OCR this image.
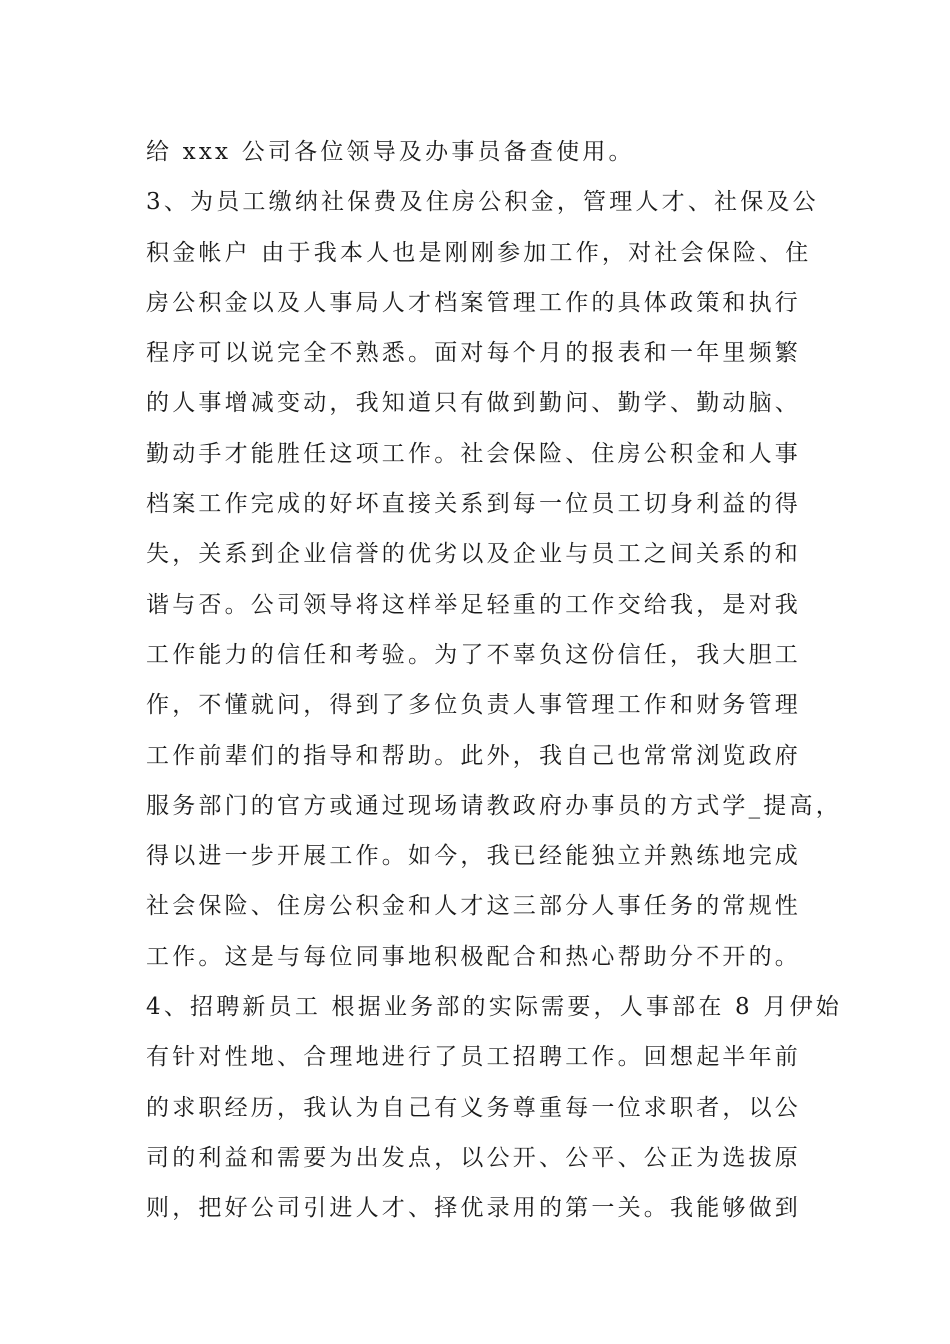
给 xxx 公司各位领导及办事员备查使用。
3、为员工缴纳社保费及住房公积金，管理人才、社保及公
积金帐户 由于我本人也是刚刚参加工作，对社会保险、住
房公积金以及人事局人才档案管理工作的具体政策和执行
程序可以说完全不熟悉。面对每个月的报表和一年里频繁
的人事增减变动，我知道只有做到勤问、勤学、勤动脑、
勤动手才能胜任这项工作。社会保险、住房公积金和人事
档案工作完成的好坏直接关系到每一位员工切身利益的得
失，关系到企业信誉的优劣以及企业与员工之间关系的和
谐与否。公司领导将这样举足轻重的工作交给我，是对我
工作能力的信任和考验。为了不辜负这份信任，我大胆工
作，不懂就问，得到了多位负责人事管理工作和财务管理
工作前辈们的指导和帮助。此外，我自己也常常浏览政府
服务部门的官方或通过现场请教政府办事员的方式学_提高，
得以进一步开展工作。如今，我已经能独立并熟练地完成
社会保险、住房公积金和人才这三部分人事任务的常规性
工作。这是与每位同事地积极配合和热心帮助分不开的。
4、招聘新员工 根据业务部的实际需要，人事部在 8 月伊始
有针对性地、合理地进行了员工招聘工作。回想起半年前
的求职经历，我认为自己有义务尊重每一位求职者，以公
司的利益和需要为出发点，以公开、公平、公正为选拔原
则，把好公司引进人才、择优录用的第一关。我能够做到
